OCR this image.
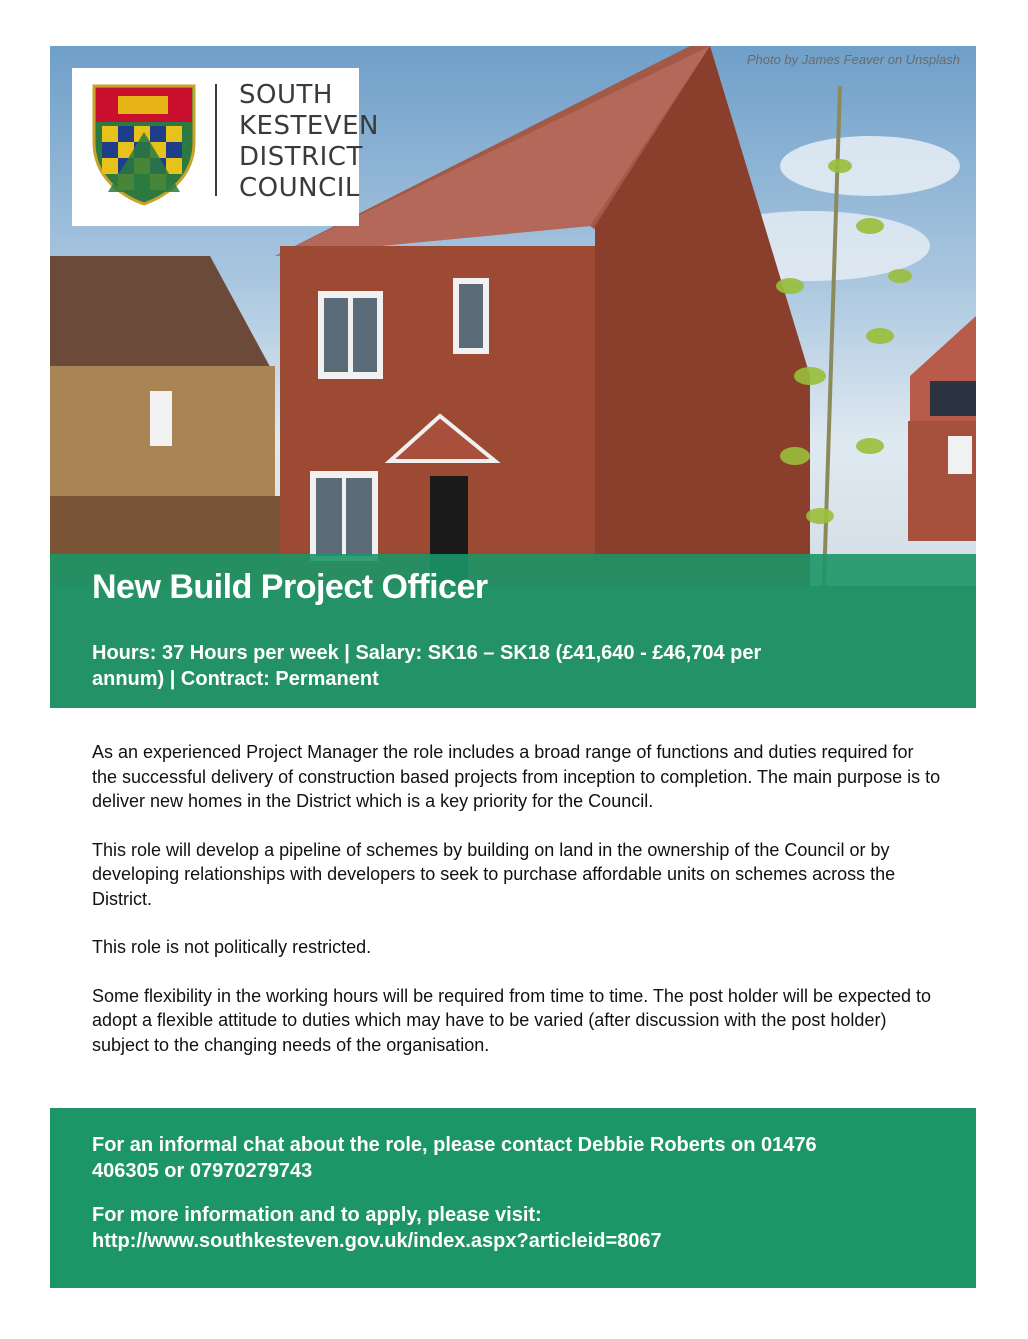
Photo by James Feaver on Unsplash
SOUTH
KESTEVEN
DISTRICT
COUNCIL
New Build Project Officer

Hours: 37 Hours per week | Salary: SK16 – SK18 (£41,640 - £46,704 per annum) | Contract: Permanent

As an experienced Project Manager the role includes a broad range of functions and duties required for the successful delivery of construction based projects from inception to completion. The main purpose is to deliver new homes in the District which is a key priority for the Council.

This role will develop a pipeline of schemes by building on land in the ownership of the Council or by developing relationships with developers to seek to purchase affordable units on schemes across the District.

This role is not politically restricted.

Some flexibility in the working hours will be required from time to time. The post holder will be expected to adopt a flexible attitude to duties which may have to be varied (after discussion with the post holder) subject to the changing needs of the organisation.

For an informal chat about the role, please contact Debbie Roberts on 01476 406305 or 07970279743

For more information and to apply, please visit: http://www.southkesteven.gov.uk/index.aspx?articleid=8067
